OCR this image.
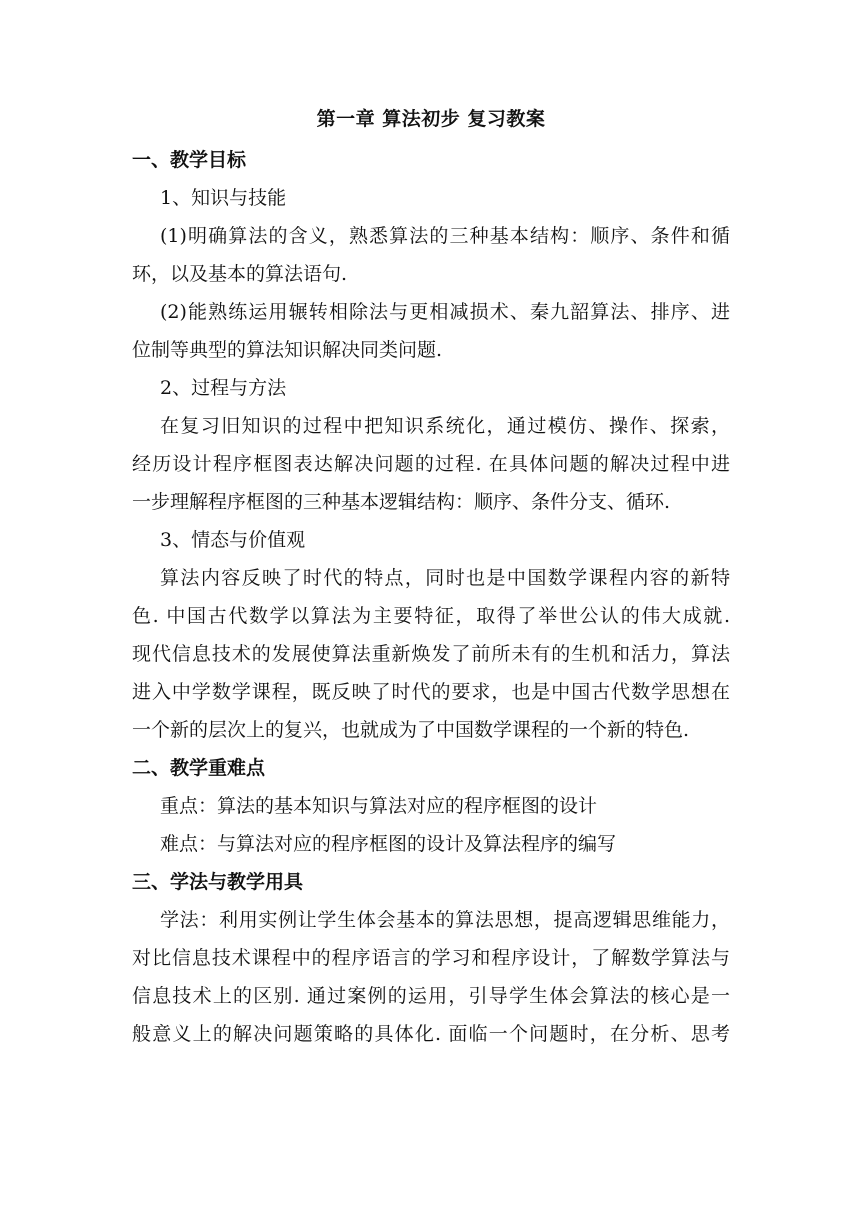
第一章 算法初步 复习教案
一、教学目标
1、知识与技能
(1)明确算法的含义，熟悉算法的三种基本结构：顺序、条件和循
环，以及基本的算法语句.
(2)能熟练运用辗转相除法与更相减损术、秦九韶算法、排序、进
位制等典型的算法知识解决同类问题.
2、过程与方法
在复习旧知识的过程中把知识系统化，通过模仿、操作、探索，
经历设计程序框图表达解决问题的过程. 在具体问题的解决过程中进
一步理解程序框图的三种基本逻辑结构：顺序、条件分支、循环.
3、情态与价值观
算法内容反映了时代的特点，同时也是中国数学课程内容的新特
色. 中国古代数学以算法为主要特征，取得了举世公认的伟大成就.
现代信息技术的发展使算法重新焕发了前所未有的生机和活力，算法
进入中学数学课程，既反映了时代的要求，也是中国古代数学思想在
一个新的层次上的复兴，也就成为了中国数学课程的一个新的特色.
二、教学重难点
重点：算法的基本知识与算法对应的程序框图的设计
难点：与算法对应的程序框图的设计及算法程序的编写
三、学法与教学用具
学法：利用实例让学生体会基本的算法思想，提高逻辑思维能力，
对比信息技术课程中的程序语言的学习和程序设计，了解数学算法与
信息技术上的区别. 通过案例的运用，引导学生体会算法的核心是一
般意义上的解决问题策略的具体化. 面临一个问题时，在分析、思考
